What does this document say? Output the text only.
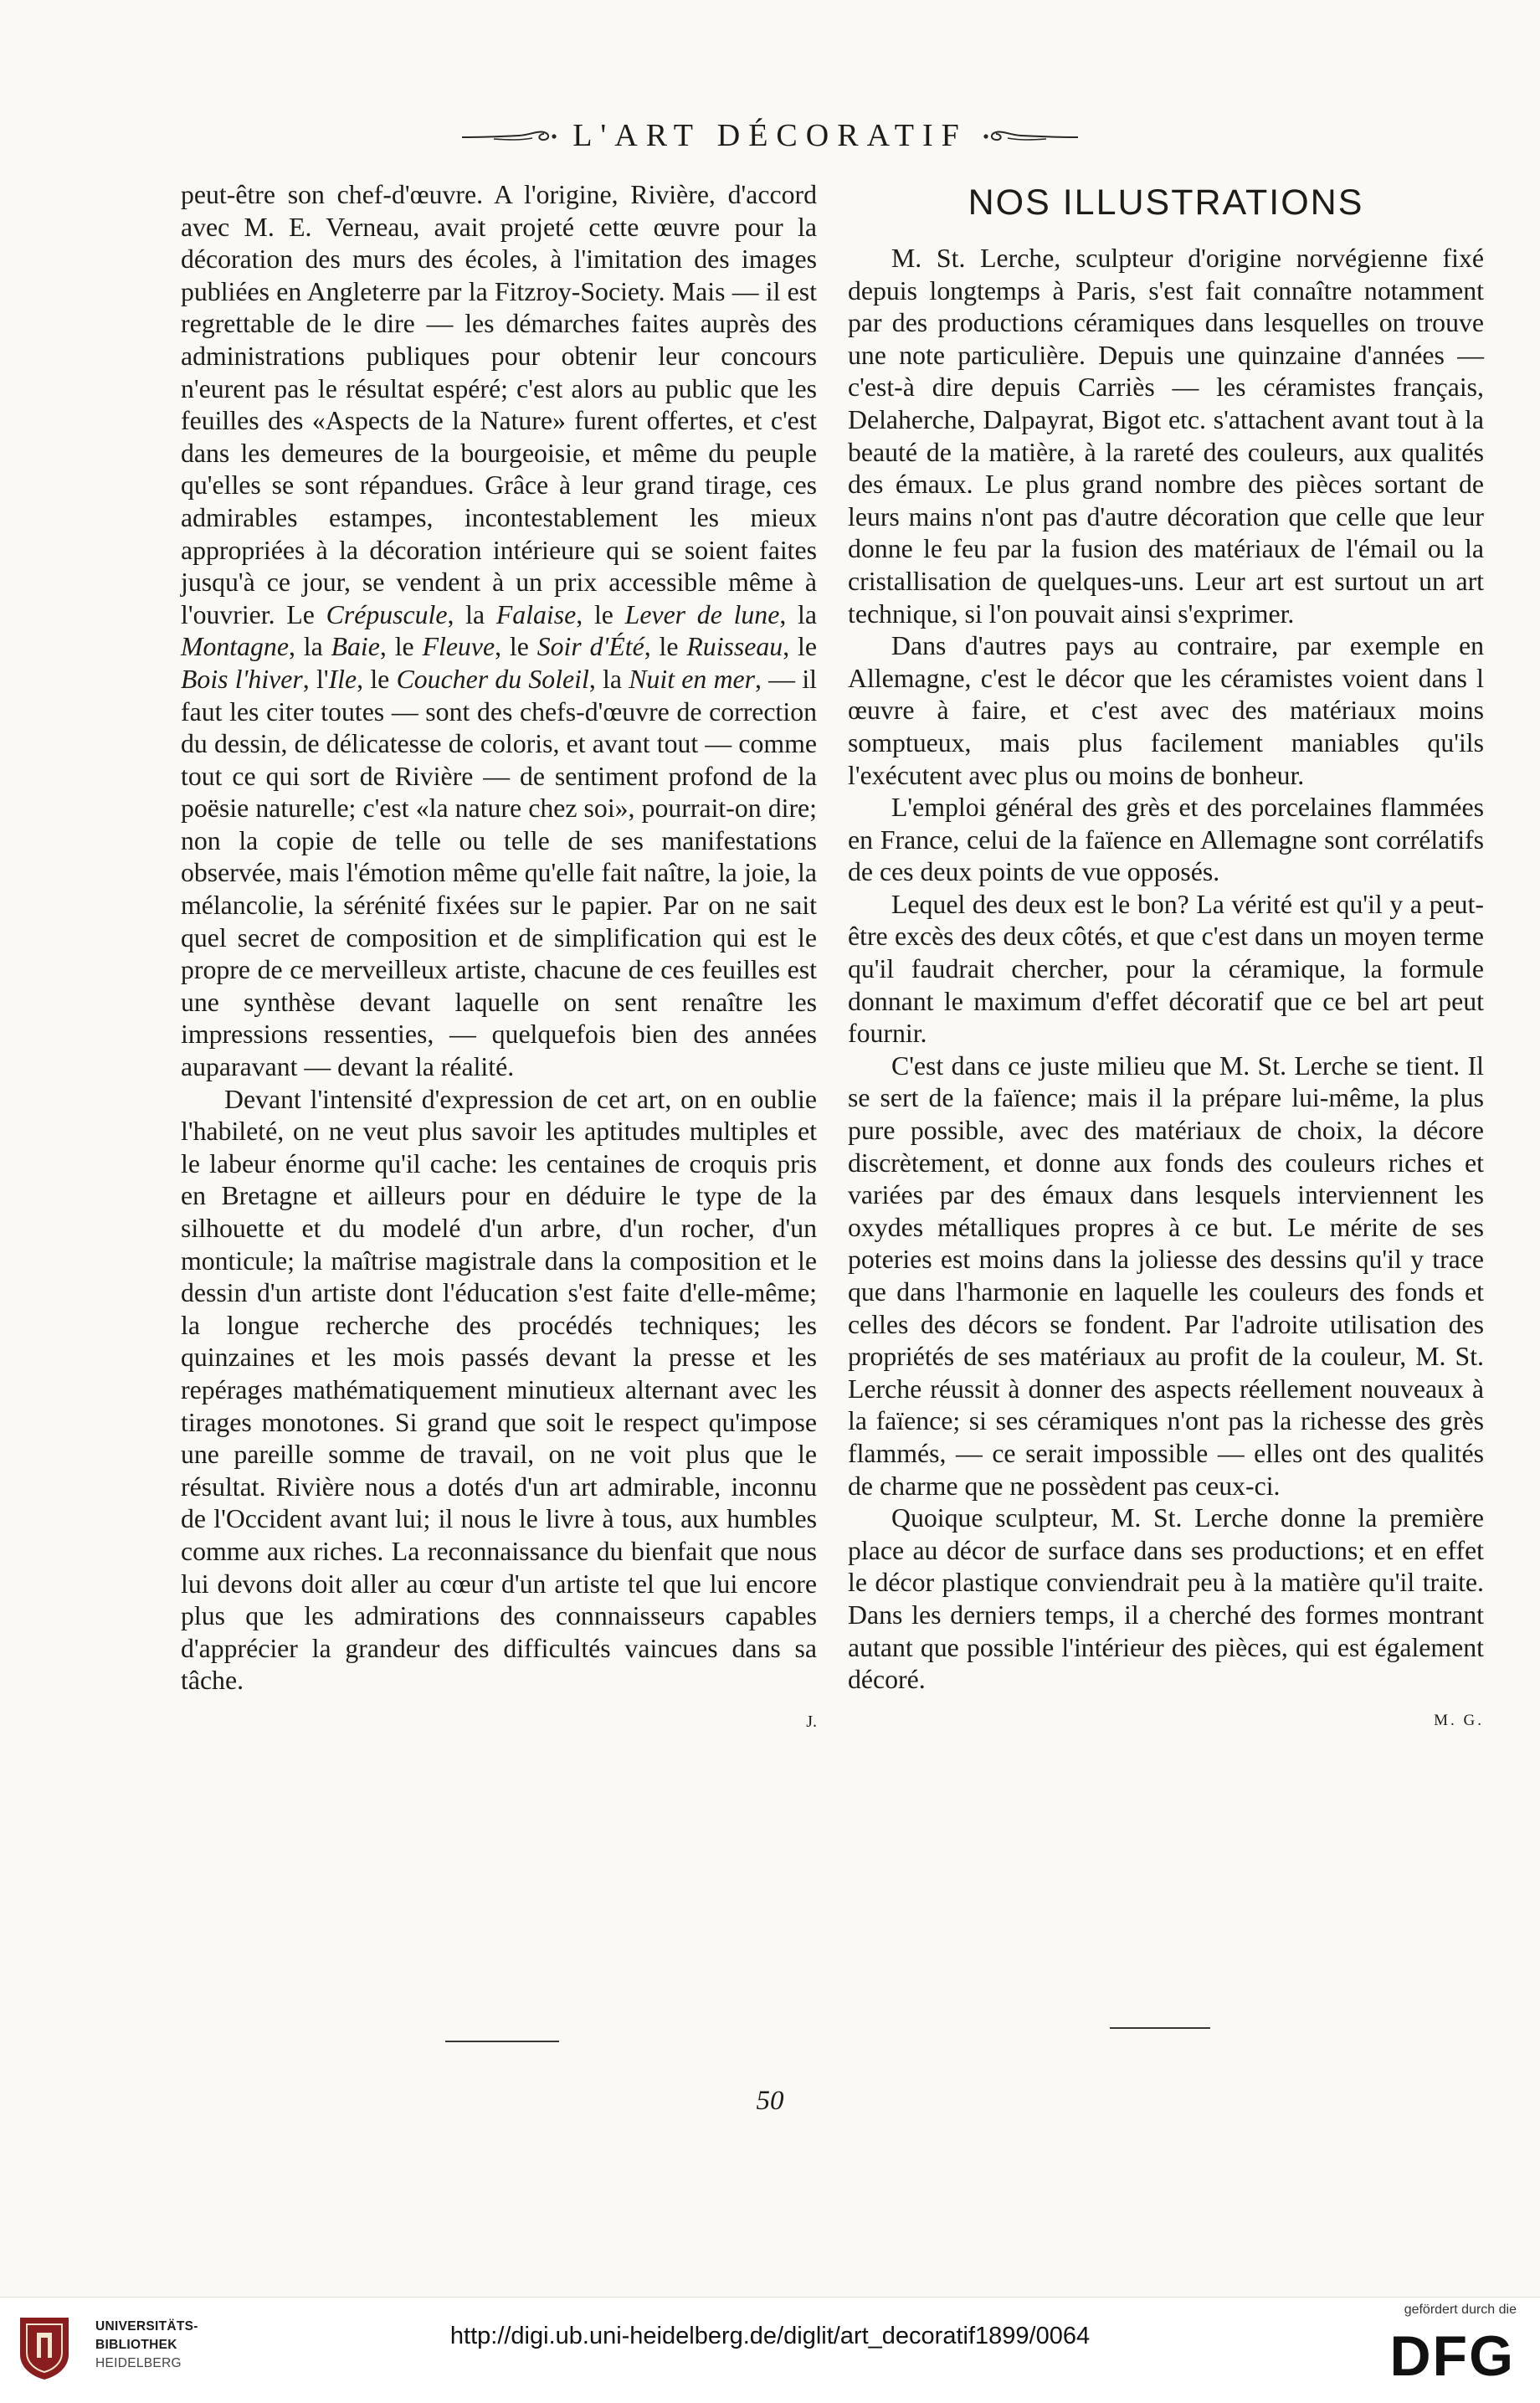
L'ART DÉCORATIF

peut-être son chef-d'œuvre. A l'origine, Rivière, d'accord avec M. E. Verneau, avait projeté cette œuvre pour la décoration des murs des écoles, à l'imitation des images publiées en Angleterre par la Fitzroy-Society. Mais — il est regrettable de le dire — les démarches faites auprès des administrations publiques pour obtenir leur concours n'eurent pas le résultat espéré; c'est alors au public que les feuilles des «Aspects de la Nature» furent offertes, et c'est dans les demeures de la bourgeoisie, et même du peuple qu'elles se sont répandues. Grâce à leur grand tirage, ces admirables estampes, incontestablement les mieux appropriées à la décoration intérieure qui se soient faites jusqu'à ce jour, se vendent à un prix accessible même à l'ouvrier. Le Crépuscule, la Falaise, le Lever de lune, la Montagne, la Baie, le Fleuve, le Soir d'Été, le Ruisseau, le Bois l'hiver, l'Ile, le Coucher du Soleil, la Nuit en mer, — il faut les citer toutes — sont des chefs-d'œuvre de correction du dessin, de délicatesse de coloris, et avant tout — comme tout ce qui sort de Rivière — de sentiment profond de la poësie naturelle; c'est «la nature chez soi», pourrait-on dire; non la copie de telle ou telle de ses manifestations observée, mais l'émotion même qu'elle fait naître, la joie, la mélancolie, la sérénité fixées sur le papier. Par on ne sait quel secret de composition et de simplification qui est le propre de ce merveilleux artiste, chacune de ces feuilles est une synthèse devant laquelle on sent renaître les impressions ressenties, — quelquefois bien des années auparavant — devant la réalité.

Devant l'intensité d'expression de cet art, on en oublie l'habileté, on ne veut plus savoir les aptitudes multiples et le labeur énorme qu'il cache: les centaines de croquis pris en Bretagne et ailleurs pour en déduire le type de la silhouette et du modelé d'un arbre, d'un rocher, d'un monticule; la maîtrise magistrale dans la composition et le dessin d'un artiste dont l'éducation s'est faite d'elle-même; la longue recherche des procédés techniques; les quinzaines et les mois passés devant la presse et les repérages mathématiquement minutieux alternant avec les tirages monotones. Si grand que soit le respect qu'impose une pareille somme de travail, on ne voit plus que le résultat. Rivière nous a dotés d'un art admirable, inconnu de l'Occident avant lui; il nous le livre à tous, aux humbles comme aux riches. La reconnaissance du bienfait que nous lui devons doit aller au cœur d'un artiste tel que lui encore plus que les admirations des connnaisseurs capables d'apprécier la grandeur des difficultés vaincues dans sa tâche.

J.
NOS ILLUSTRATIONS

M. St. Lerche, sculpteur d'origine norvégienne fixé depuis longtemps à Paris, s'est fait connaître notamment par des productions céramiques dans lesquelles on trouve une note particulière. Depuis une quinzaine d'années — c'est-à dire depuis Carriès — les céramistes français, Delaherche, Dalpayrat, Bigot etc. s'attachent avant tout à la beauté de la matière, à la rareté des couleurs, aux qualités des émaux. Le plus grand nombre des pièces sortant de leurs mains n'ont pas d'autre décoration que celle que leur donne le feu par la fusion des matériaux de l'émail ou la cristallisation de quelques-uns. Leur art est surtout un art technique, si l'on pouvait ainsi s'exprimer.

Dans d'autres pays au contraire, par exemple en Allemagne, c'est le décor que les céramistes voient dans l œuvre à faire, et c'est avec des matériaux moins somptueux, mais plus facilement maniables qu'ils l'exécutent avec plus ou moins de bonheur.

L'emploi général des grès et des porcelaines flammées en France, celui de la faïence en Allemagne sont corrélatifs de ces deux points de vue opposés.

Lequel des deux est le bon? La vérité est qu'il y a peut-être excès des deux côtés, et que c'est dans un moyen terme qu'il faudrait chercher, pour la céramique, la formule donnant le maximum d'effet décoratif que ce bel art peut fournir.

C'est dans ce juste milieu que M. St. Lerche se tient. Il se sert de la faïence; mais il la prépare lui-même, la plus pure possible, avec des matériaux de choix, la décore discrètement, et donne aux fonds des couleurs riches et variées par des émaux dans lesquels interviennent les oxydes métalliques propres à ce but. Le mérite de ses poteries est moins dans la joliesse des dessins qu'il y trace que dans l'harmonie en laquelle les couleurs des fonds et celles des décors se fondent. Par l'adroite utilisation des propriétés de ses matériaux au profit de la couleur, M. St. Lerche réussit à donner des aspects réellement nouveaux à la faïence; si ses céramiques n'ont pas la richesse des grès flammés, — ce serait impossible — elles ont des qualités de charme que ne possèdent pas ceux-ci.

Quoique sculpteur, M. St. Lerche donne la première place au décor de surface dans ses productions; et en effet le décor plastique conviendrait peu à la matière qu'il traite. Dans les derniers temps, il a cherché des formes montrant autant que possible l'intérieur des pièces, qui est également décoré.

M. G.
50
UNIVERSITÄTS-
BIBLIOTHEK
HEIDELBERG
http://digi.ub.uni-heidelberg.de/diglit/art_decoratif1899/0064
gefördert durch die
DFG
